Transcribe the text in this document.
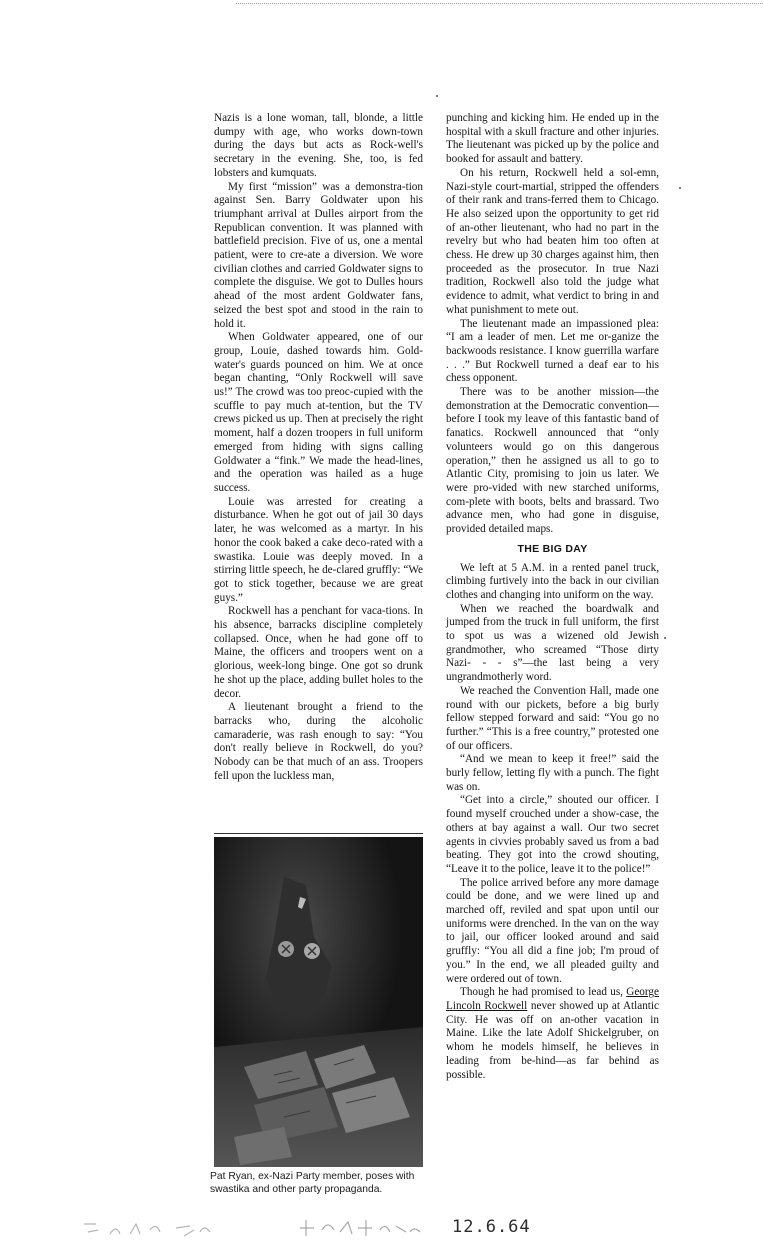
Nazis is a lone woman, tall, blonde, a little dumpy with age, who works down-town during the days but acts as Rock-well's secretary in the evening. She, too, is fed lobsters and kumquats.

My first “mission” was a demonstra-tion against Sen. Barry Goldwater upon his triumphant arrival at Dulles airport from the Republican convention. It was planned with battlefield precision. Five of us, one a mental patient, were to cre-ate a diversion. We wore civilian clothes and carried Goldwater signs to complete the disguise. We got to Dulles hours ahead of the most ardent Goldwater fans, seized the best spot and stood in the rain to hold it.

When Goldwater appeared, one of our group, Louie, dashed towards him. Gold-water's guards pounced on him. We at once began chanting, “Only Rockwell will save us!” The crowd was too preoc-cupied with the scuffle to pay much at-tention, but the TV crews picked us up. Then at precisely the right moment, half a dozen troopers in full uniform emerged from hiding with signs calling Goldwater a “fink.” We made the head-lines, and the operation was hailed as a huge success.

Louie was arrested for creating a disturbance. When he got out of jail 30 days later, he was welcomed as a martyr. In his honor the cook baked a cake deco-rated with a swastika. Louie was deeply moved. In a stirring little speech, he de-clared gruffly: “We got to stick together, because we are great guys.”

Rockwell has a penchant for vaca-tions. In his absence, barracks discipline completely collapsed. Once, when he had gone off to Maine, the officers and troopers went on a glorious, week-long binge. One got so drunk he shot up the place, adding bullet holes to the decor.

A lieutenant brought a friend to the barracks who, during the alcoholic camaraderie, was rash enough to say: “You don't really believe in Rockwell, do you? Nobody can be that much of an ass. Troopers fell upon the luckless man,

Pat Ryan, ex-Nazi Party member, poses with swastika and other party propaganda.

punching and kicking him. He ended up in the hospital with a skull fracture and other injuries. The lieutenant was picked up by the police and booked for assault and battery.

On his return, Rockwell held a sol-emn, Nazi-style court-martial, stripped the offenders of their rank and trans-ferred them to Chicago. He also seized upon the opportunity to get rid of an-other lieutenant, who had no part in the revelry but who had beaten him too often at chess. He drew up 30 charges against him, then proceeded as the prosecutor. In true Nazi tradition, Rockwell also told the judge what evidence to admit, what verdict to bring in and what punishment to mete out.

The lieutenant made an impassioned plea: “I am a leader of men. Let me or-ganize the backwoods resistance. I know guerrilla warfare . . .” But Rockwell turned a deaf ear to his chess opponent.

There was to be another mission—the demonstration at the Democratic convention—before I took my leave of this fantastic band of fanatics. Rockwell announced that “only volunteers would go on this dangerous operation,” then he assigned us all to go to Atlantic City, promising to join us later. We were pro-vided with new starched uniforms, com-plete with boots, belts and brassard. Two advance men, who had gone in disguise, provided detailed maps.

THE BIG DAY

We left at 5 A.M. in a rented panel truck, climbing furtively into the back in our civilian clothes and changing into uniform on the way.

When we reached the boardwalk and jumped from the truck in full uniform, the first to spot us was a wizened old Jewish grandmother, who screamed “Those dirty Nazi- - - s”—the last being a very ungrandmotherly word.

We reached the Convention Hall, made one round with our pickets, before a big burly fellow stepped forward and said: “You go no further.” “This is a free country,” protested one of our officers.

“And we mean to keep it free!” said the burly fellow, letting fly with a punch. The fight was on.

“Get into a circle,” shouted our officer. I found myself crouched under a show-case, the others at bay against a wall. Our two secret agents in civvies probably saved us from a bad beating. They got into the crowd shouting, “Leave it to the police, leave it to the police!”

The police arrived before any more damage could be done, and we were lined up and marched off, reviled and spat upon until our uniforms were drenched. In the van on the way to jail, our officer looked around and said gruffly: “You all did a fine job; I'm proud of you.” In the end, we all pleaded guilty and were ordered out of town.

Though he had promised to lead us, George Lincoln Rockwell never showed up at Atlantic City. He was off on an-other vacation in Maine. Like the late Adolf Shickelgruber, on whom he models himself, he believes in leading from be-hind—as far behind as possible.

12.6.64
